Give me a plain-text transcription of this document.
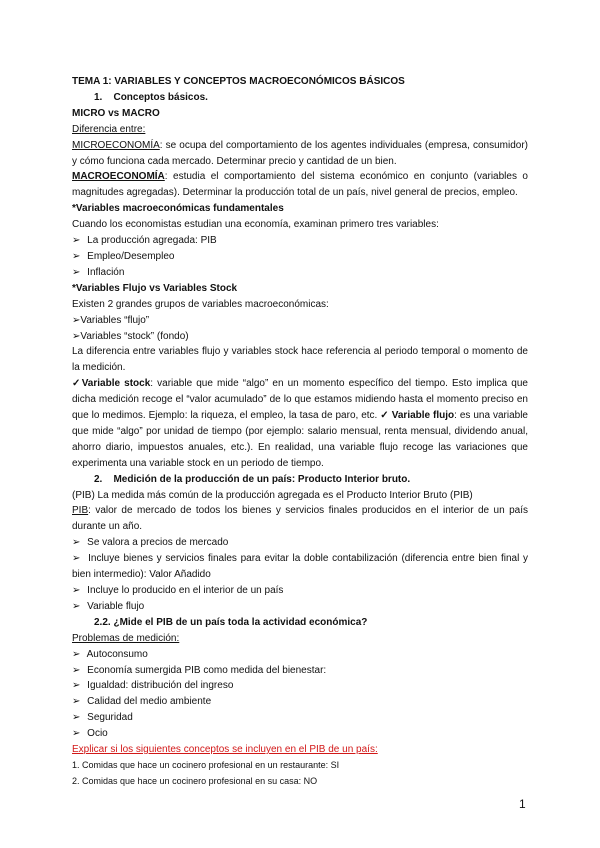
TEMA 1: VARIABLES Y CONCEPTOS MACROECONÓMICOS BÁSICOS
1. Conceptos básicos.
MICRO vs MACRO
Diferencia entre:
MICROECONOMÍA: se ocupa del comportamiento de los agentes individuales (empresa, consumidor) y cómo funciona cada mercado. Determinar precio y cantidad de un bien.
MACROECONOMÍA: estudia el comportamiento del sistema económico en conjunto (variables o magnitudes agregadas). Determinar la producción total de un país, nivel general de precios, empleo.
*Variables macroeconómicas fundamentales
Cuando los economistas estudian una economía, examinan primero tres variables:
➢ La producción agregada: PIB
➢ Empleo/Desempleo
➢ Inflación
*Variables Flujo vs Variables Stock
Existen 2 grandes grupos de variables macroeconómicas:
➢Variables “flujo”
➢Variables “stock” (fondo)
La diferencia entre variables flujo y variables stock hace referencia al periodo temporal o momento de la medición.
✓Variable stock: variable que mide “algo” en un momento específico del tiempo. Esto implica que dicha medición recoge el “valor acumulado” de lo que estamos midiendo hasta el momento preciso en que lo medimos. Ejemplo: la riqueza, el empleo, la tasa de paro, etc. ✓ Variable flujo: es una variable que mide “algo” por unidad de tiempo (por ejemplo: salario mensual, renta mensual, dividendo anual, ahorro diario, impuestos anuales, etc.). En realidad, una variable flujo recoge las variaciones que experimenta una variable stock en un periodo de tiempo.
2. Medición de la producción de un país: Producto Interior bruto.
(PIB) La medida más común de la producción agregada es el Producto Interior Bruto (PIB)
PIB: valor de mercado de todos los bienes y servicios finales producidos en el interior de un país durante un año.
➢ Se valora a precios de mercado
➢ Incluye bienes y servicios finales para evitar la doble contabilización (diferencia entre bien final y bien intermedio): Valor Añadido
➢ Incluye lo producido en el interior de un país
➢ Variable flujo
2.2. ¿Mide el PIB de un país toda la actividad económica?
Problemas de medición:
➢ Autoconsumo
➢ Economía sumergida PIB como medida del bienestar:
➢ Igualdad: distribución del ingreso
➢ Calidad del medio ambiente
➢ Seguridad
➢ Ocio
Explicar si los siguientes conceptos se incluyen en el PIB de un país:
1. Comidas que hace un cocinero profesional en un restaurante: SI
2. Comidas que hace un cocinero profesional en su casa: NO
1
